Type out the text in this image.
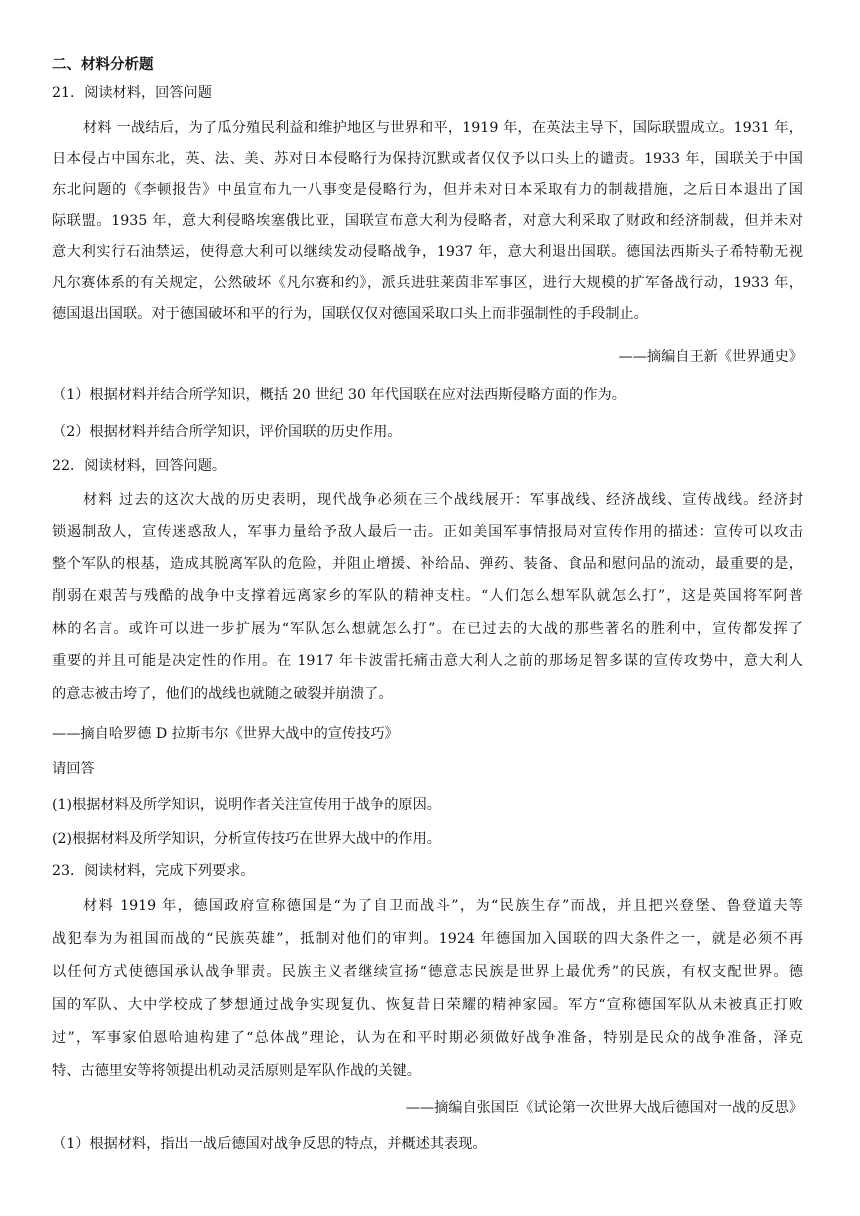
二、材料分析题
21．阅读材料，回答问题
材料 一战结后，为了瓜分殖民利益和维护地区与世界和平，1919 年，在英法主导下，国际联盟成立。1931 年，
日本侵占中国东北，英、法、美、苏对日本侵略行为保持沉默或者仅仅予以口头上的谴责。1933 年，国联关于中国
东北问题的《李顿报告》中虽宣布九一八事变是侵略行为，但并未对日本采取有力的制裁措施，之后日本退出了国
际联盟。1935 年，意大利侵略埃塞俄比亚，国联宣布意大利为侵略者，对意大利采取了财政和经济制裁，但并未对
意大利实行石油禁运，使得意大利可以继续发动侵略战争，1937 年，意大利退出国联。德国法西斯头子希特勒无视
凡尔赛体系的有关规定，公然破坏《凡尔赛和约》，派兵进驻莱茵非军事区，进行大规模的扩军备战行动，1933 年，
德国退出国联。对于德国破坏和平的行为，国联仅仅对德国采取口头上而非强制性的手段制止。
——摘编自王新《世界通史》
（1）根据材料并结合所学知识，概括 20 世纪 30 年代国联在应对法西斯侵略方面的作为。
（2）根据材料并结合所学知识，评价国联的历史作用。
22．阅读材料，回答问题。
材料 过去的这次大战的历史表明，现代战争必须在三个战线展开：军事战线、经济战线、宣传战线。经济封
锁遏制敌人，宣传迷惑敌人，军事力量给予敌人最后一击。正如美国军事情报局对宣传作用的描述：宣传可以攻击
整个军队的根基，造成其脱离军队的危险，并阻止增援、补给品、弹药、装备、食品和慰问品的流动，最重要的是，
削弱在艰苦与残酷的战争中支撑着远离家乡的军队的精神支柱。“人们怎么想军队就怎么打”，这是英国将军阿普
林的名言。或许可以进一步扩展为“军队怎么想就怎么打”。在已过去的大战的那些著名的胜利中，宣传都发挥了
重要的并且可能是决定性的作用。在 1917 年卡波雷托痛击意大利人之前的那场足智多谋的宣传攻势中，意大利人
的意志被击垮了，他们的战线也就随之破裂并崩溃了。
——摘自哈罗德 D 拉斯韦尔《世界大战中的宣传技巧》
请回答
(1)根据材料及所学知识，说明作者关注宣传用于战争的原因。
(2)根据材料及所学知识，分析宣传技巧在世界大战中的作用。
23．阅读材料，完成下列要求。
材料 1919 年，德国政府宣称德国是“为了自卫而战斗”，为“民族生存”而战，并且把兴登堡、鲁登道夫等
战犯奉为为祖国而战的“民族英雄”，抵制对他们的审判。1924 年德国加入国联的四大条件之一，就是必须不再
以任何方式使德国承认战争罪责。民族主义者继续宣扬“德意志民族是世界上最优秀”的民族，有权支配世界。德
国的军队、大中学校成了梦想通过战争实现复仇、恢复昔日荣耀的精神家园。军方“宣称德国军队从未被真正打败
过”，军事家伯恩哈迪构建了“总体战”理论，认为在和平时期必须做好战争准备，特别是民众的战争准备，泽克
特、古德里安等将领提出机动灵活原则是军队作战的关键。
——摘编自张国臣《试论第一次世界大战后德国对一战的反思》
（1）根据材料，指出一战后德国对战争反思的特点，并概述其表现。
